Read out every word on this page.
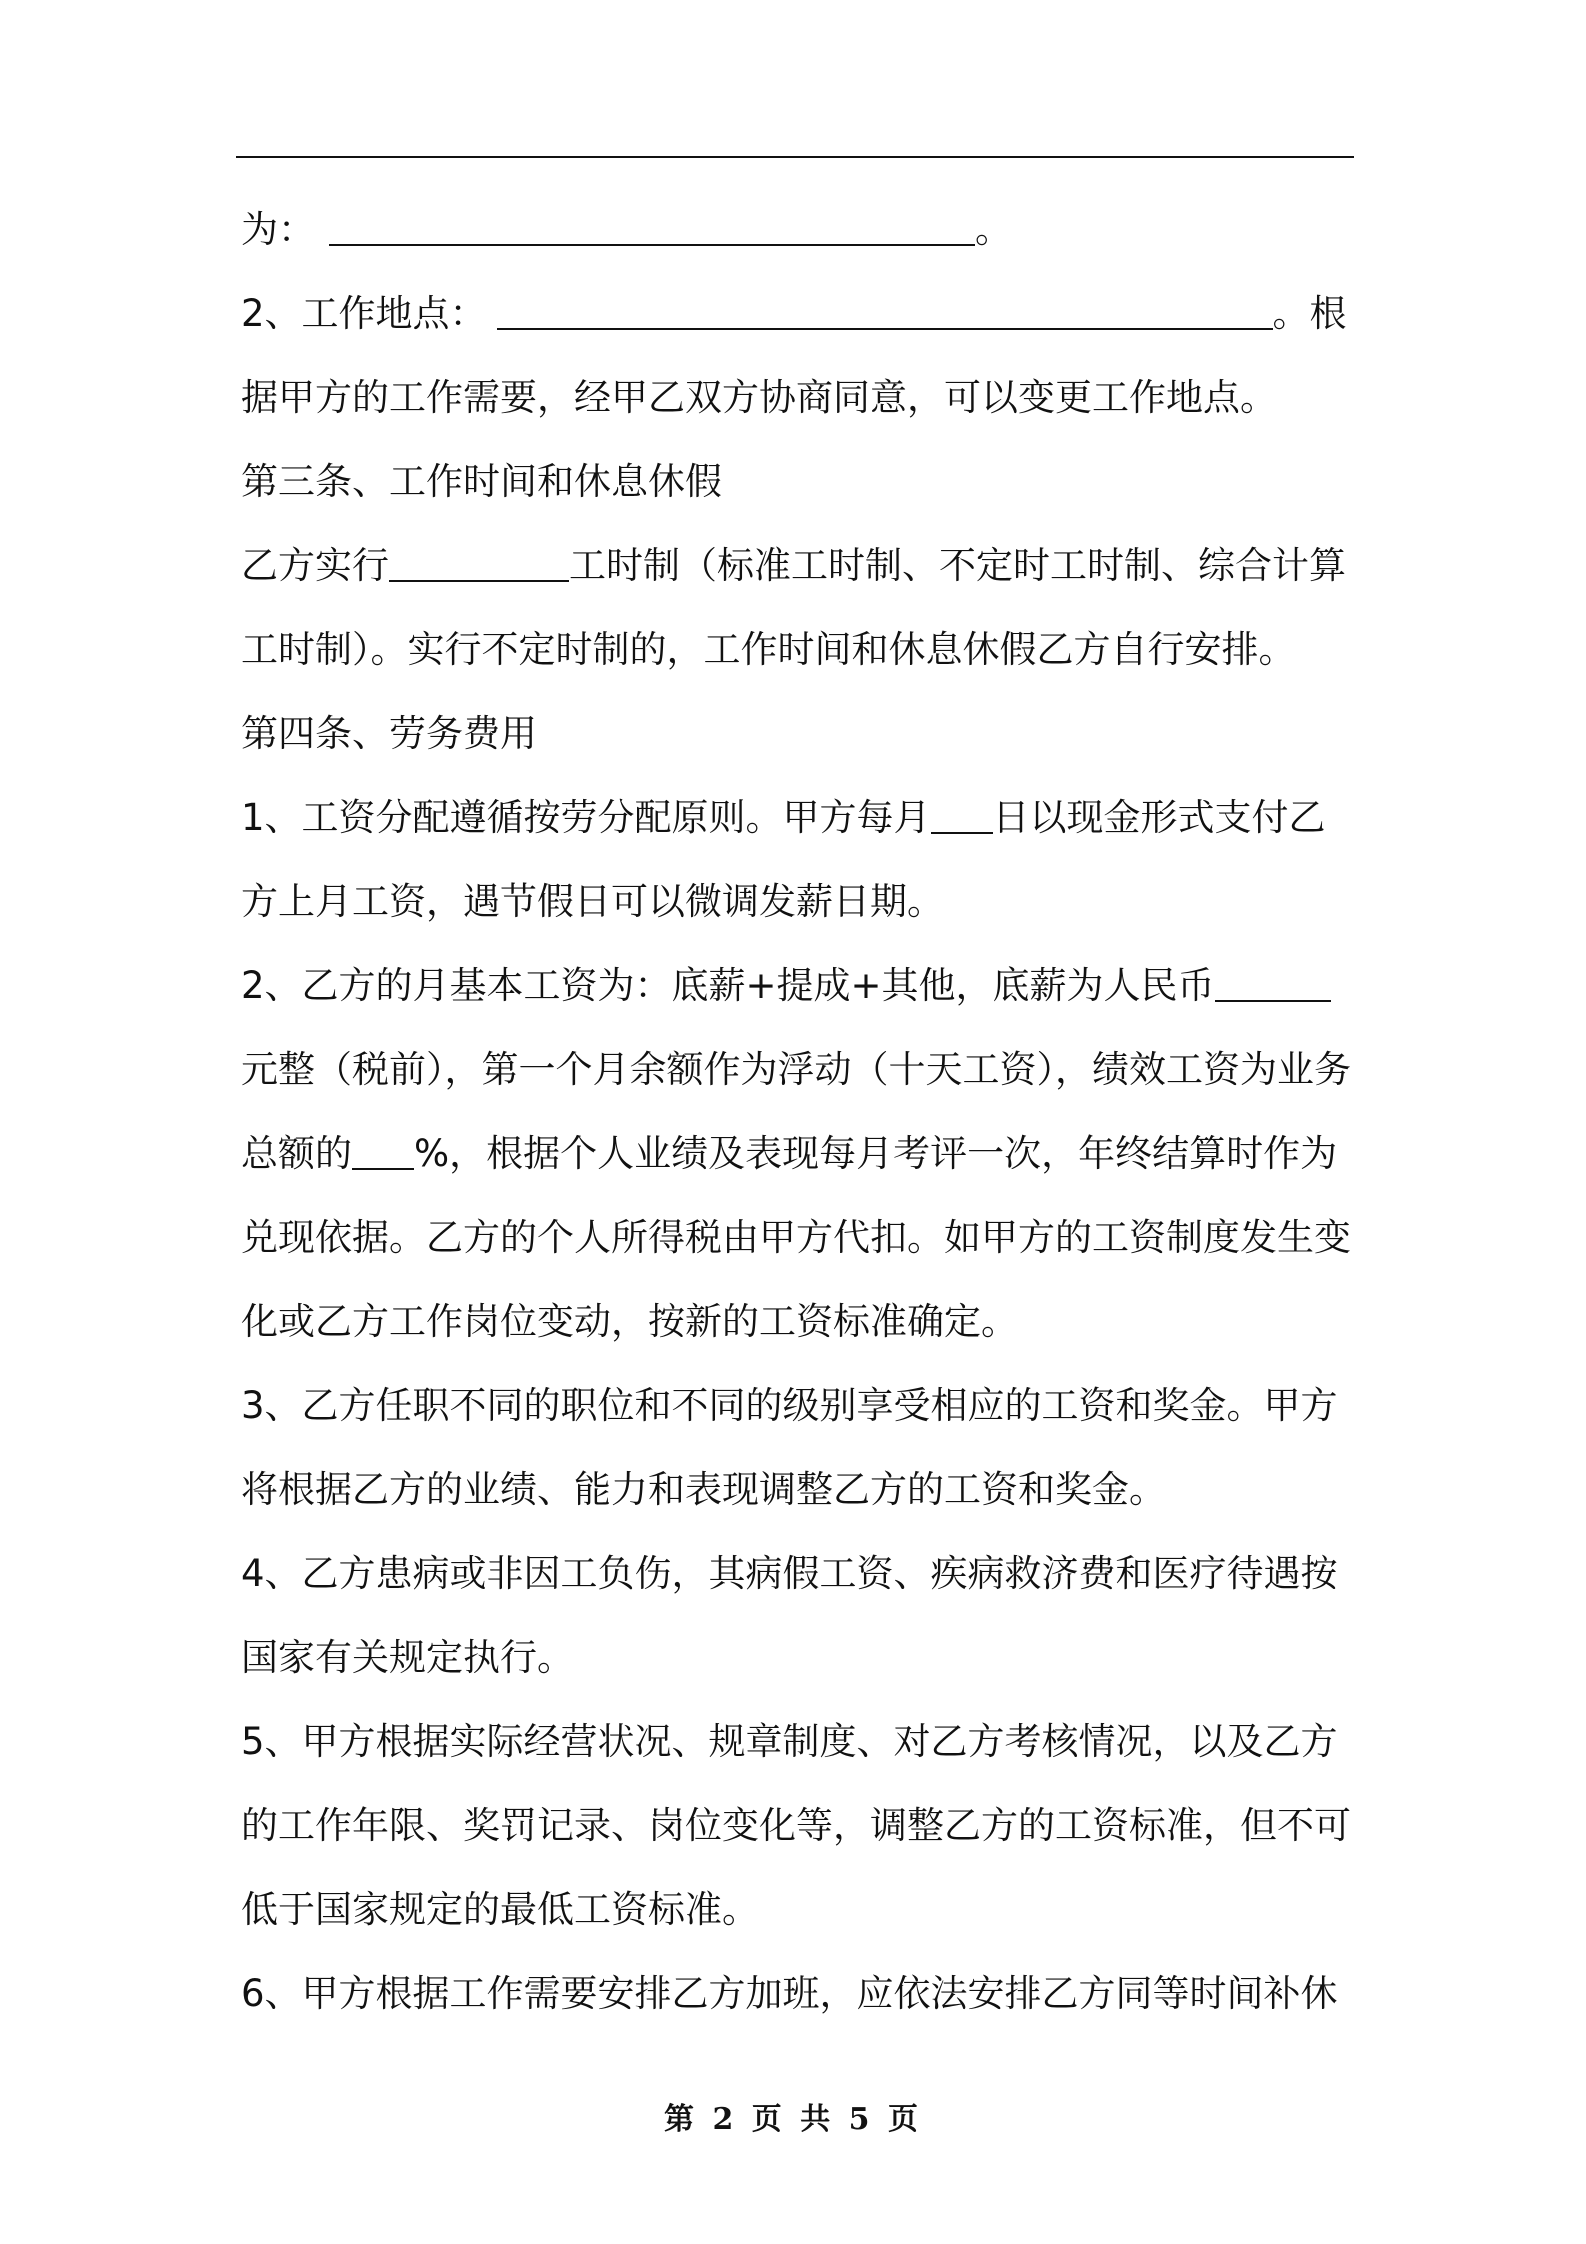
为：	。
2、工作地点：	。根
据甲方的工作需要，经甲乙双方协商同意，可以变更工作地点。
第三条、工作时间和休息休假
乙方实行	工时制（标准工时制、不定时工时制、综合计算
工时制）。实行不定时制的，工作时间和休息休假乙方自行安排。
第四条、劳务费用
1、工资分配遵循按劳分配原则。甲方每月 日以现金形式支付乙
方上月工资，遇节假日可以微调发薪日期。
2、乙方的月基本工资为：底薪+提成+其他，底薪为人民币
元整（税前），第一个月余额作为浮动（十天工资），绩效工资为业务
总额的 %，根据个人业绩及表现每月考评一次，年终结算时作为
兑现依据。乙方的个人所得税由甲方代扣。如甲方的工资制度发生变
化或乙方工作岗位变动，按新的工资标准确定。
3、乙方任职不同的职位和不同的级别享受相应的工资和奖金。甲方
将根据乙方的业绩、能力和表现调整乙方的工资和奖金。
4、乙方患病或非因工负伤，其病假工资、疾病救济费和医疗待遇按
国家有关规定执行。
5、甲方根据实际经营状况、规章制度、对乙方考核情况，以及乙方
的工作年限、奖罚记录、岗位变化等，调整乙方的工资标准，但不可
低于国家规定的最低工资标准。
6、甲方根据工作需要安排乙方加班，应依法安排乙方同等时间补休
第 2 页 共 5 页
